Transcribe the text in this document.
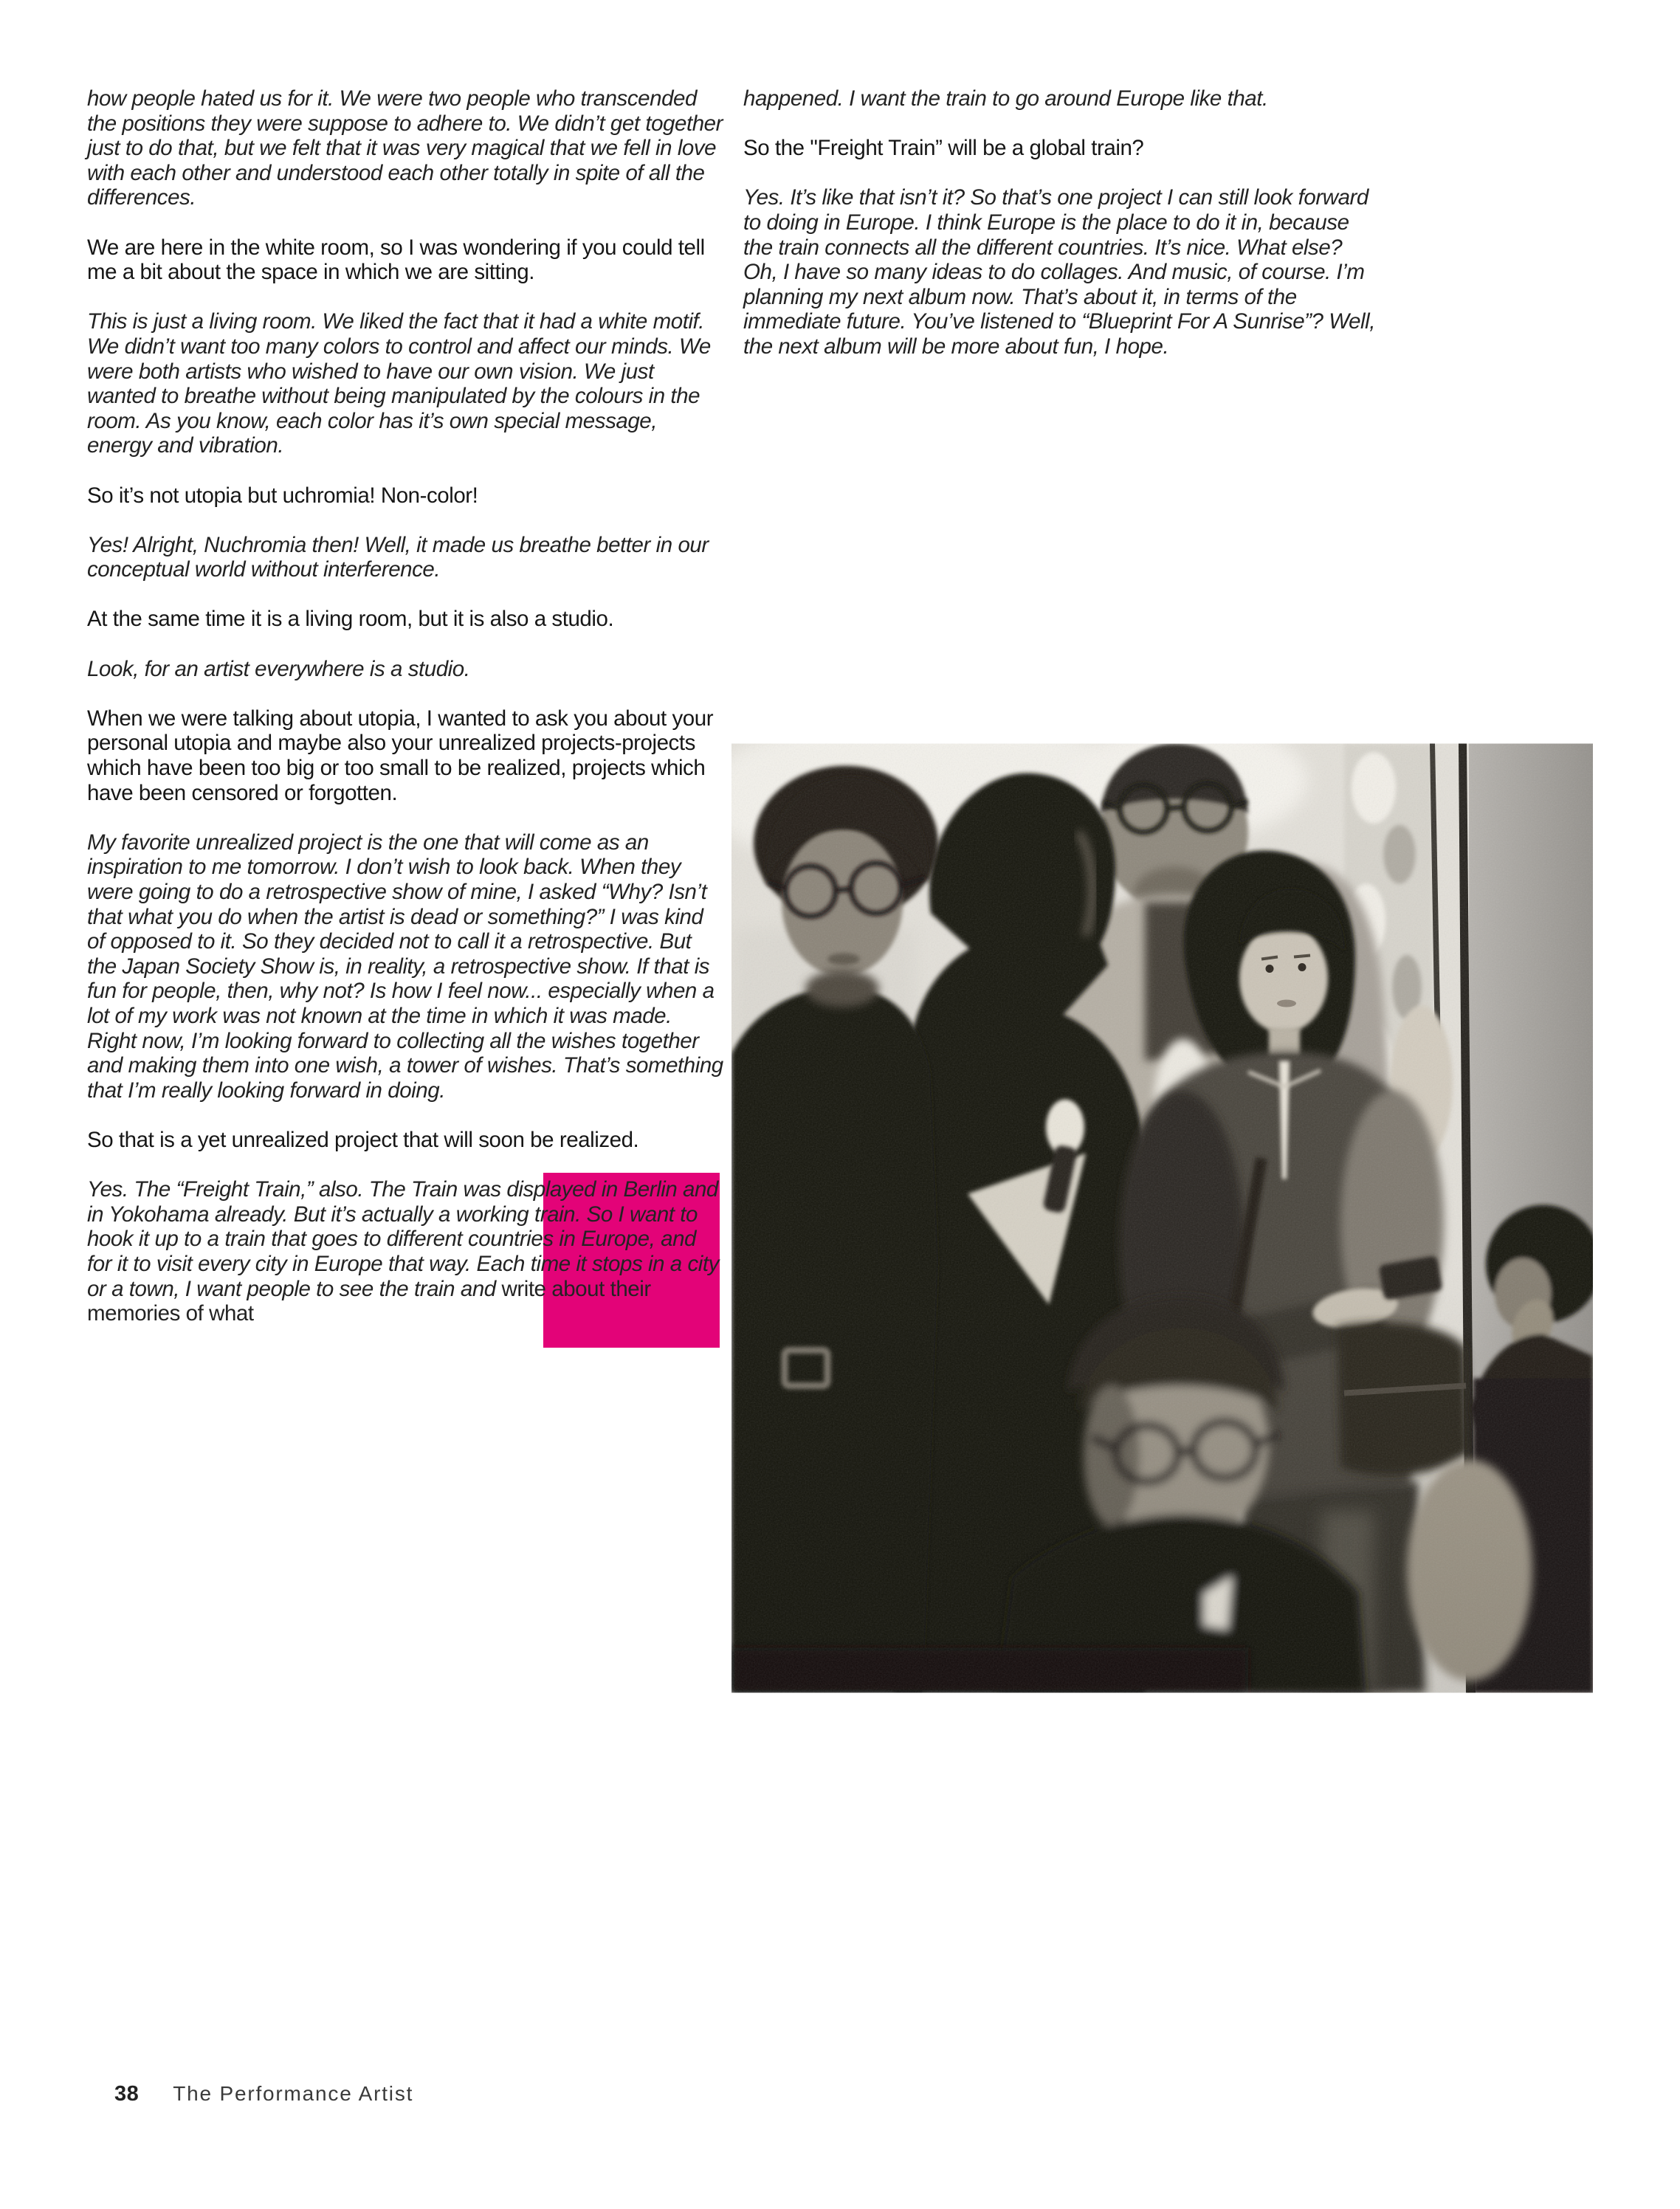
how people hated us for it. We were two people who transcended the positions they were suppose to adhere to. We didn’t get together just to do that, but we felt that it was very magical that we fell in love with each other and understood each other totally in spite of all the differences.

We are here in the white room, so I was wondering if you could tell me a bit about the space in which we are sitting.

This is just a living room. We liked the fact that it had a white motif. We didn’t want too many colors to control and affect our minds. We were both artists who wished to have our own vision. We just wanted to breathe without being manipulated by the colours in the room. As you know, each color has it’s own special message, energy and vibration.

So it’s not utopia but uchromia! Non-color!

Yes! Alright, Nuchromia then! Well, it made us breathe better in our conceptual world without interference.

At the same time it is a living room, but it is also a studio.

Look, for an artist everywhere is a studio.

When we were talking about utopia, I wanted to ask you about your personal utopia and maybe also your unrealized projects-projects which have been too big or too small to be realized, projects which have been censored or forgotten.

My favorite unrealized project is the one that will come as an inspiration to me tomorrow. I don’t wish to look back. When they were going to do a retrospective show of mine, I asked “Why? Isn’t that what you do when the artist is dead or something?” I was kind of opposed to it. So they decided not to call it a retrospective. But the Japan Society Show is, in reality, a retrospective show. If that is fun for people, then, why not? Is how I feel now... especially when a lot of my work was not known at the time in which it was made. Right now, I’m looking forward to collecting all the wishes together and making them into one wish, a tower of wishes. That’s something that I’m really looking forward in doing.

So that is a yet unrealized project that will soon be realized.

Yes. The “Freight Train,” also. The Train was displayed in Berlin and in Yokohama already. But it’s actually a working train. So I want to hook it up to a train that goes to different countries in Europe, and for it to visit every city in Europe that way. Each time it stops in a city or a town, I want people to see the train and write about their memories of what

happened. I want the train to go around Europe like that.

So the "Freight Train” will be a global train?

Yes. It’s like that isn’t it? So that’s one project I can still look forward to doing in Europe. I think Europe is the place to do it in, because the train connects all the different countries. It’s nice. What else? Oh, I have so many ideas to do collages. And music, of course. I’m planning my next album now. That’s about it, in terms of the immediate future. You’ve listened to “Blueprint For A Sunrise”? Well, the next album will be more about fun, I hope.

38 The Performance Artist
